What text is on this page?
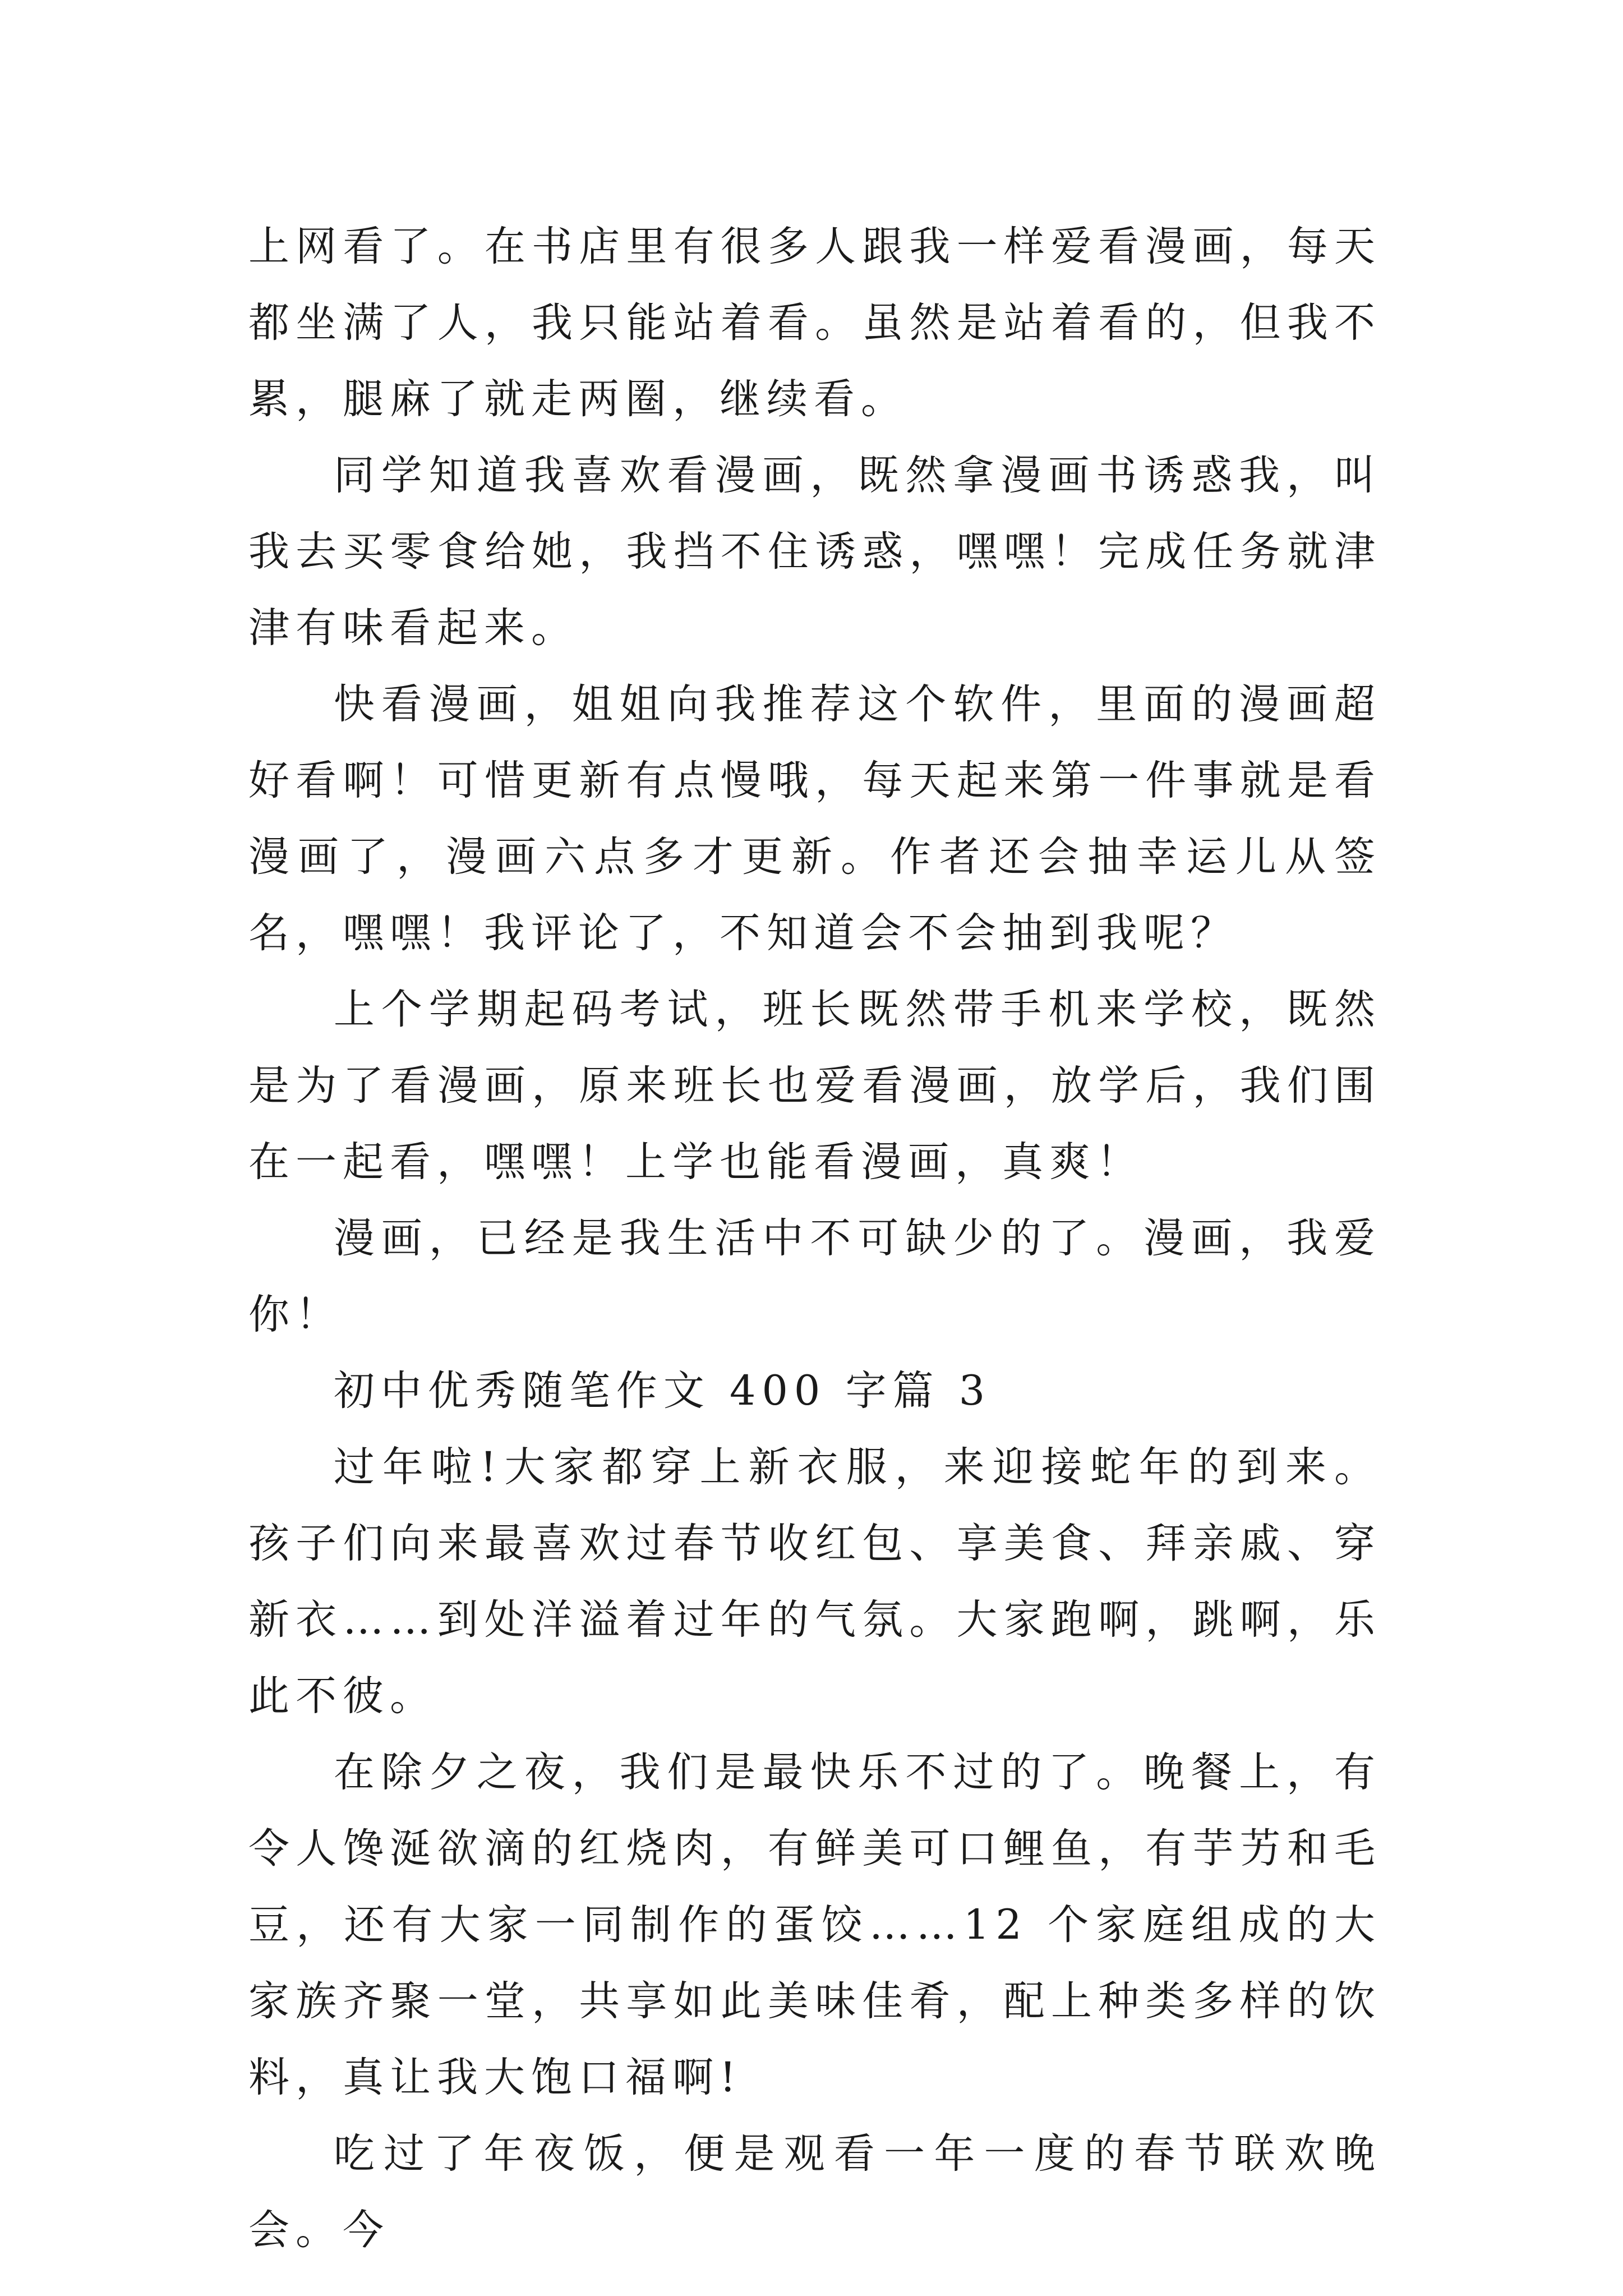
上网看了。在书店里有很多人跟我一样爱看漫画，每天都坐满了人，我只能站着看。虽然是站着看的，但我不累，腿麻了就走两圈，继续看。

同学知道我喜欢看漫画，既然拿漫画书诱惑我，叫我去买零食给她，我挡不住诱惑，嘿嘿！完成任务就津津有味看起来。

快看漫画，姐姐向我推荐这个软件，里面的漫画超好看啊！可惜更新有点慢哦，每天起来第一件事就是看漫画了，漫画六点多才更新。作者还会抽幸运儿从签名，嘿嘿！我评论了，不知道会不会抽到我呢？

上个学期起码考试，班长既然带手机来学校，既然是为了看漫画，原来班长也爱看漫画，放学后，我们围在一起看，嘿嘿！上学也能看漫画，真爽！

漫画，已经是我生活中不可缺少的了。漫画，我爱你！

初中优秀随笔作文 400 字篇 3

过年啦!大家都穿上新衣服，来迎接蛇年的到来。孩子们向来最喜欢过春节收红包、享美食、拜亲戚、穿新衣……到处洋溢着过年的气氛。大家跑啊，跳啊，乐此不彼。

在除夕之夜，我们是最快乐不过的了。晚餐上，有令人馋涎欲滴的红烧肉，有鲜美可口鲤鱼，有芋艻和毛豆，还有大家一同制作的蛋饺……12 个家庭组成的大家族齐聚一堂，共享如此美味佳肴，配上种类多样的饮料，真让我大饱口福啊!

吃过了年夜饭，便是观看一年一度的春节联欢晚会。今
